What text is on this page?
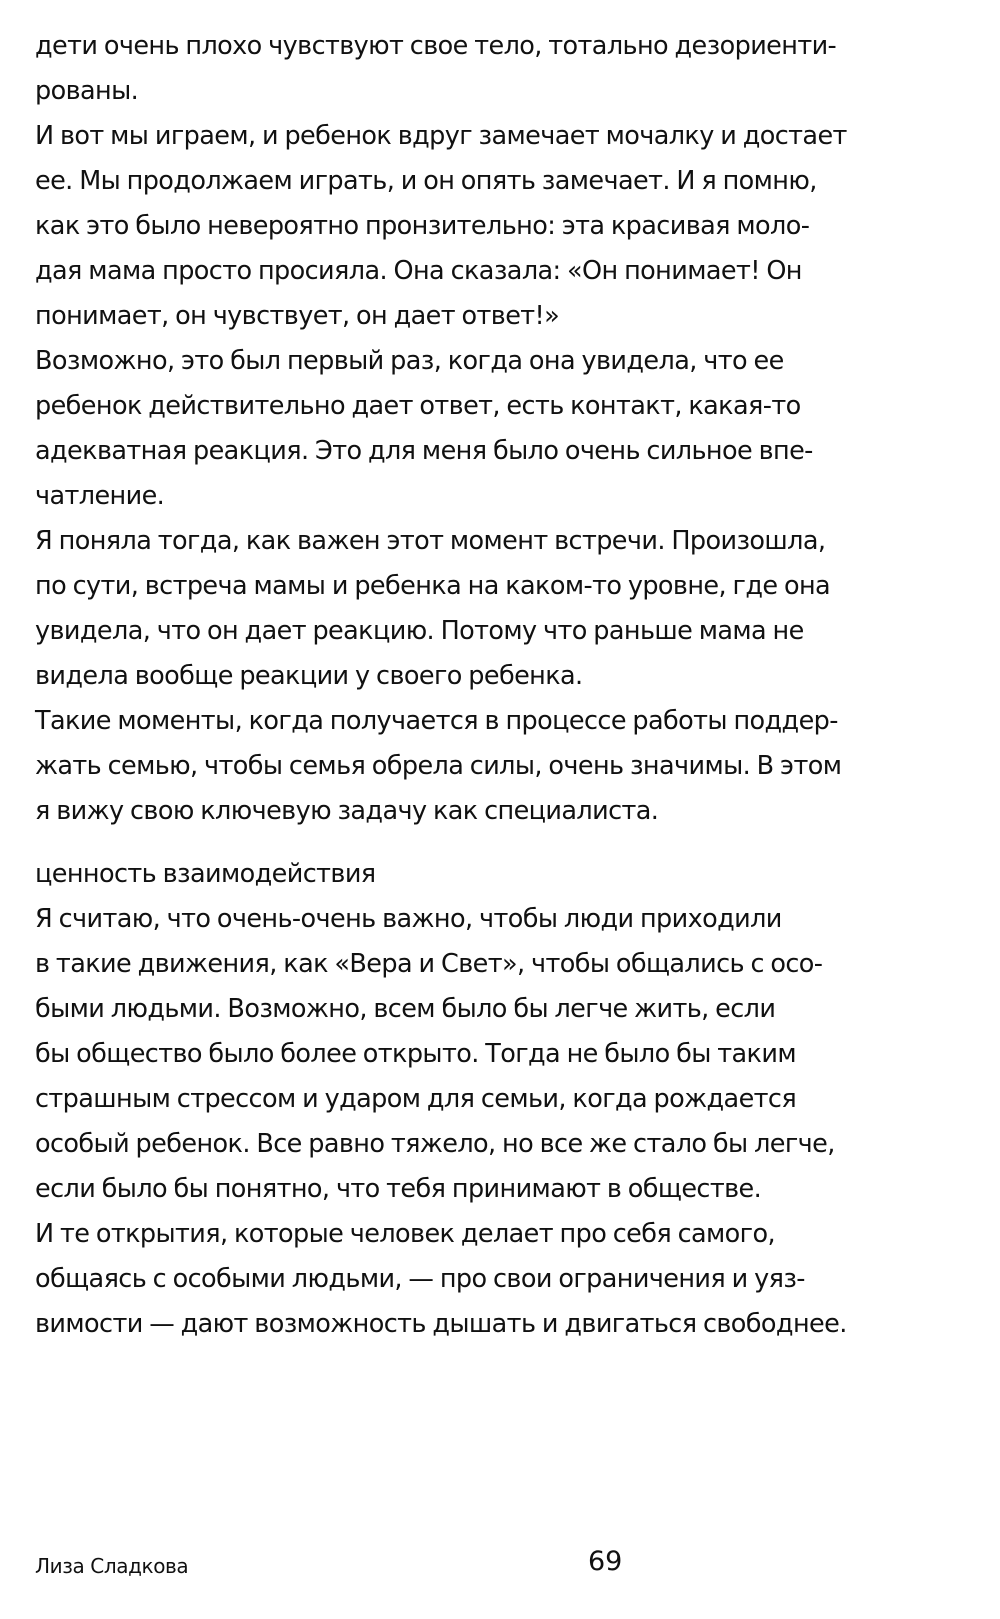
дети очень плохо чувствуют свое тело, тотально дезориенти-
рованы.
И вот мы играем, и ребенок вдруг замечает мочалку и достает
ее. Мы продолжаем играть, и он опять замечает. И я помню,
как это было невероятно пронзительно: эта красивая моло-
дая мама просто просияла. Она сказала: «Он понимает! Он
понимает, он чувствует, он дает ответ!»
Возможно, это был первый раз, когда она увидела, что ее
ребенок действительно дает ответ, есть контакт, какая-то
адекватная реакция. Это для меня было очень сильное впе-
чатление.
Я поняла тогда, как важен этот момент встречи. Произошла,
по сути, встреча мамы и ребенка на каком-то уровне, где она
увидела, что он дает реакцию. Потому что раньше мама не
видела вообще реакции у своего ребенка.
Такие моменты, когда получается в процессе работы поддер-
жать семью, чтобы семья обрела силы, очень значимы. В этом
я вижу свою ключевую задачу как специалиста.
ценность взаимодействия
Я считаю, что очень-очень важно, чтобы люди приходили
в такие движения, как «Вера и Свет», чтобы общались с осо-
быми людьми. Возможно, всем было бы легче жить, если
бы общество было более открыто. Тогда не было бы таким
страшным стрессом и ударом для семьи, когда рождается
особый ребенок. Все равно тяжело, но все же стало бы легче,
если было бы понятно, что тебя принимают в обществе.
И те открытия, которые человек делает про себя самого,
общаясь с особыми людьми, — про свои ограничения и уяз-
вимости — дают возможность дышать и двигаться свободнее.
Лиза Сладкова	69
